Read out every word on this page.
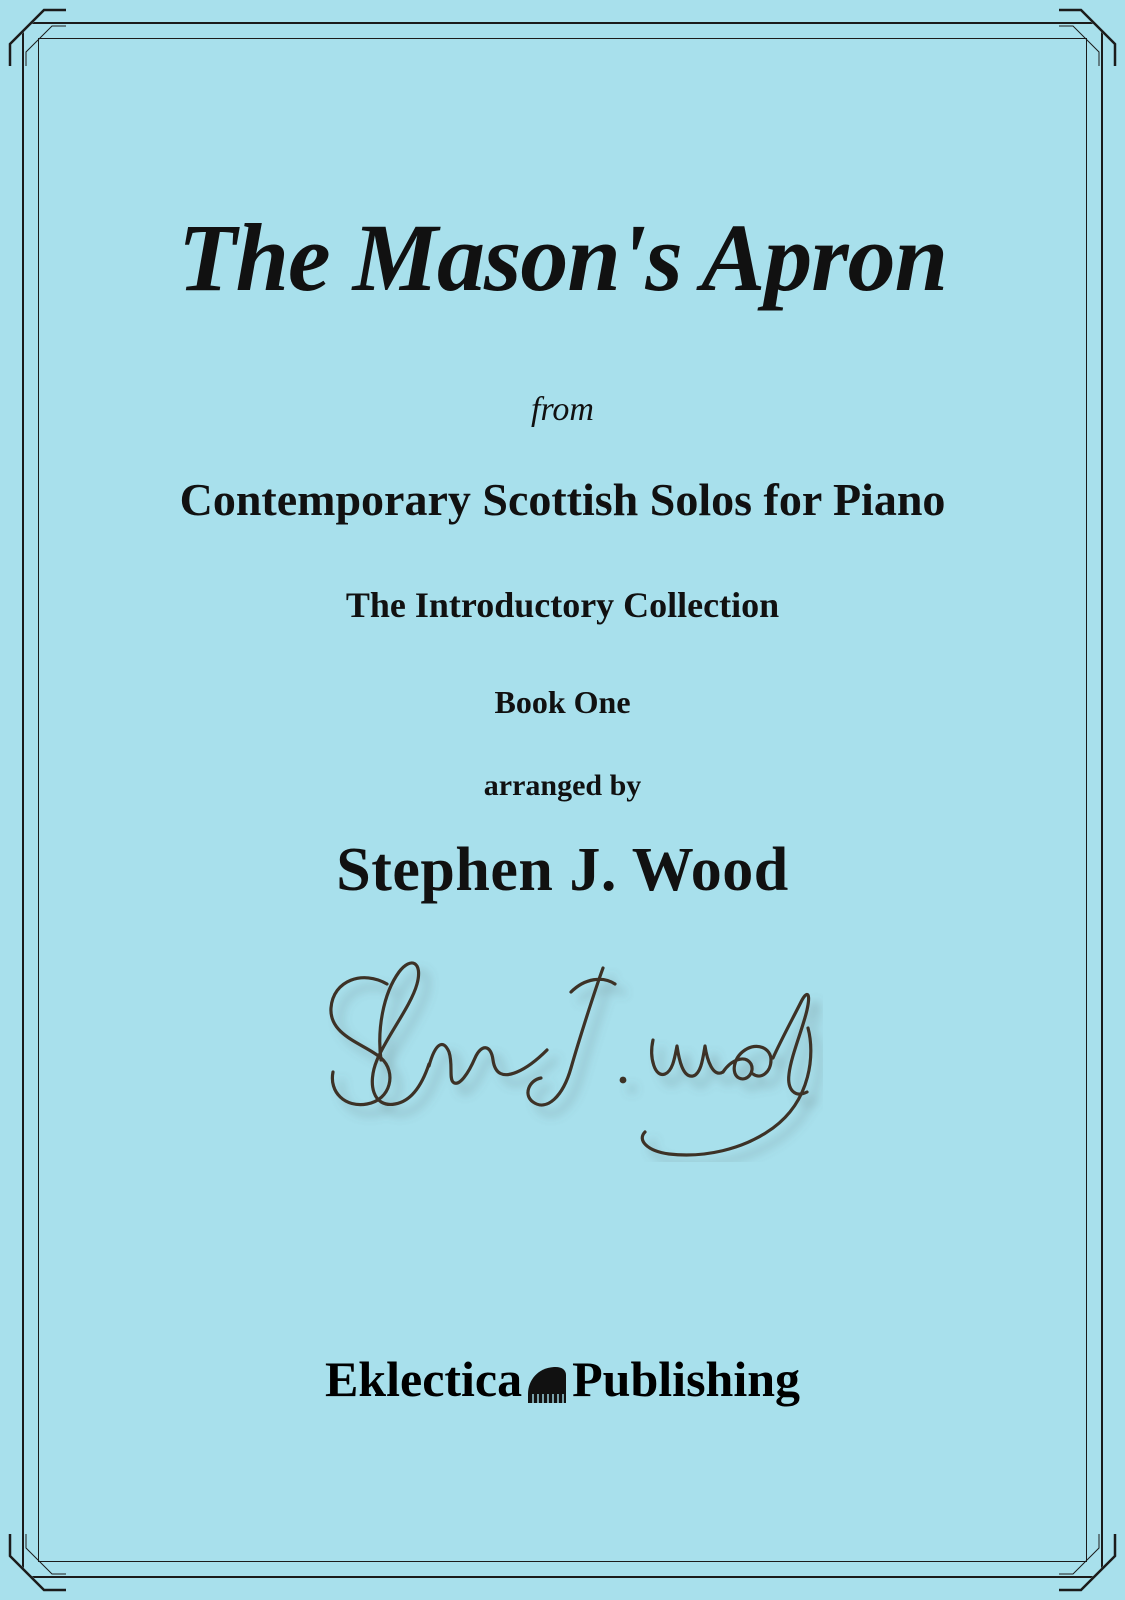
The Mason's Apron
from
Contemporary Scottish Solos for Piano
The Introductory Collection
Book One
arranged by
Stephen J. Wood
Eklectica Publishing
